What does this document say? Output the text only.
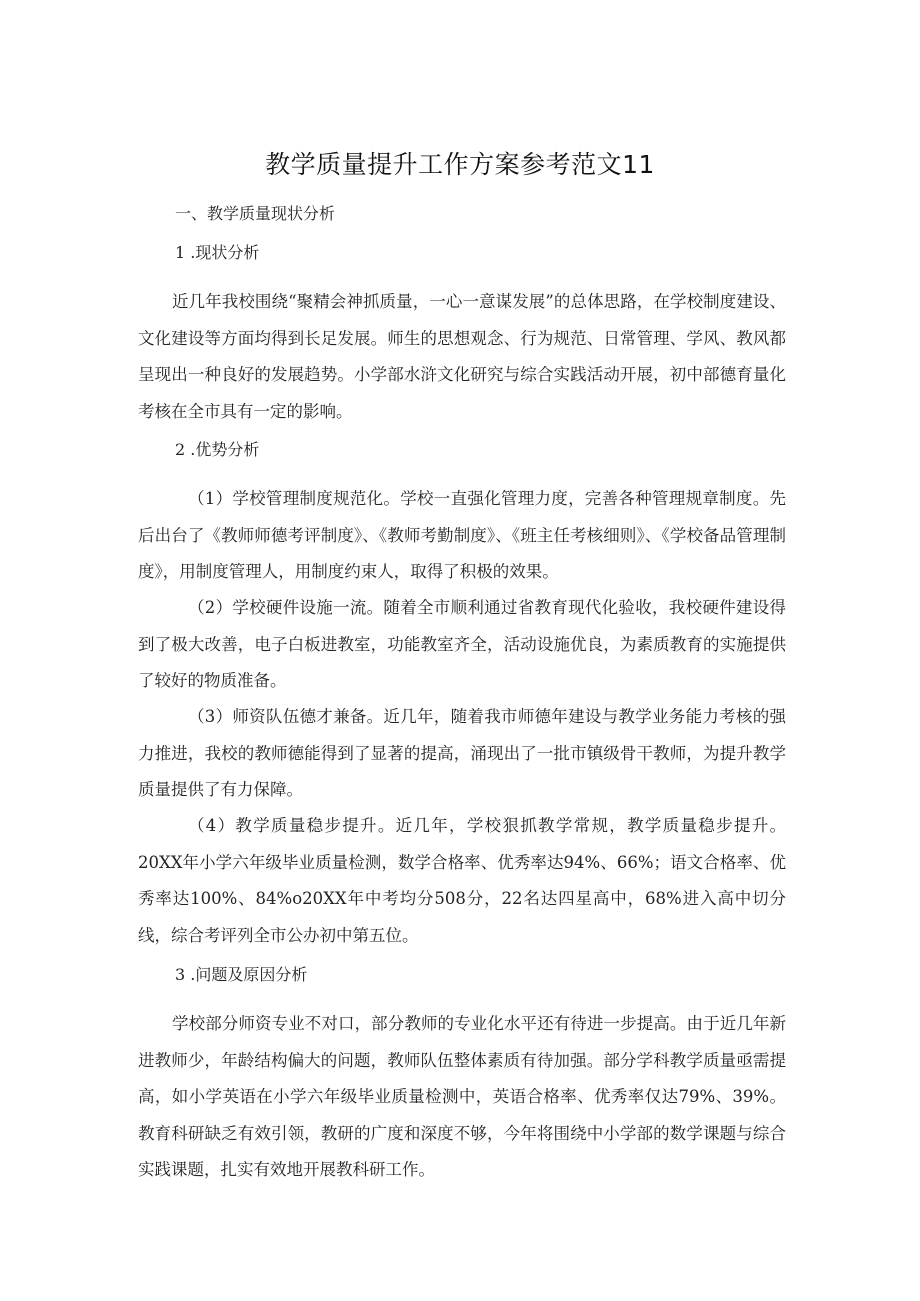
教学质量提升工作方案参考范文11
一、教学质量现状分析
1 .现状分析

近几年我校围绕“聚精会神抓质量，一心一意谋发展”的总体思路，在学校制度建设、文化建设等方面均得到长足发展。师生的思想观念、行为规范、日常管理、学风、教风都呈现出一种良好的发展趋势。小学部水浒文化研究与综合实践活动开展，初中部德育量化考核在全市具有一定的影响。

2 .优势分析

（1）学校管理制度规范化。学校一直强化管理力度，完善各种管理规章制度。先后出台了《教师师德考评制度》、《教师考勤制度》、《班主任考核细则》、《学校备品管理制度》，用制度管理人，用制度约束人，取得了积极的效果。

（2）学校硬件设施一流。随着全市顺利通过省教育现代化验收，我校硬件建设得到了极大改善，电子白板进教室，功能教室齐全，活动设施优良，为素质教育的实施提供了较好的物质准备。

（3）师资队伍德才兼备。近几年，随着我市师德年建设与教学业务能力考核的强力推进，我校的教师德能得到了显著的提高，涌现出了一批市镇级骨干教师，为提升教学质量提供了有力保障。

（4）教学质量稳步提升。近几年，学校狠抓教学常规，教学质量稳步提升。20XX年小学六年级毕业质量检测，数学合格率、优秀率达94%、66%；语文合格率、优秀率达100%、84%o20XX年中考均分508分，22名达四星高中，68%进入高中切分线，综合考评列全市公办初中第五位。

3 .问题及原因分析

学校部分师资专业不对口，部分教师的专业化水平还有待进一步提高。由于近几年新进教师少，年龄结构偏大的问题，教师队伍整体素质有待加强。部分学科教学质量亟需提高，如小学英语在小学六年级毕业质量检测中，英语合格率、优秀率仅达79%、39%。教育科研缺乏有效引领，教研的广度和深度不够，今年将围绕中小学部的数学课题与综合实践课题，扎实有效地开展教科研工作。
